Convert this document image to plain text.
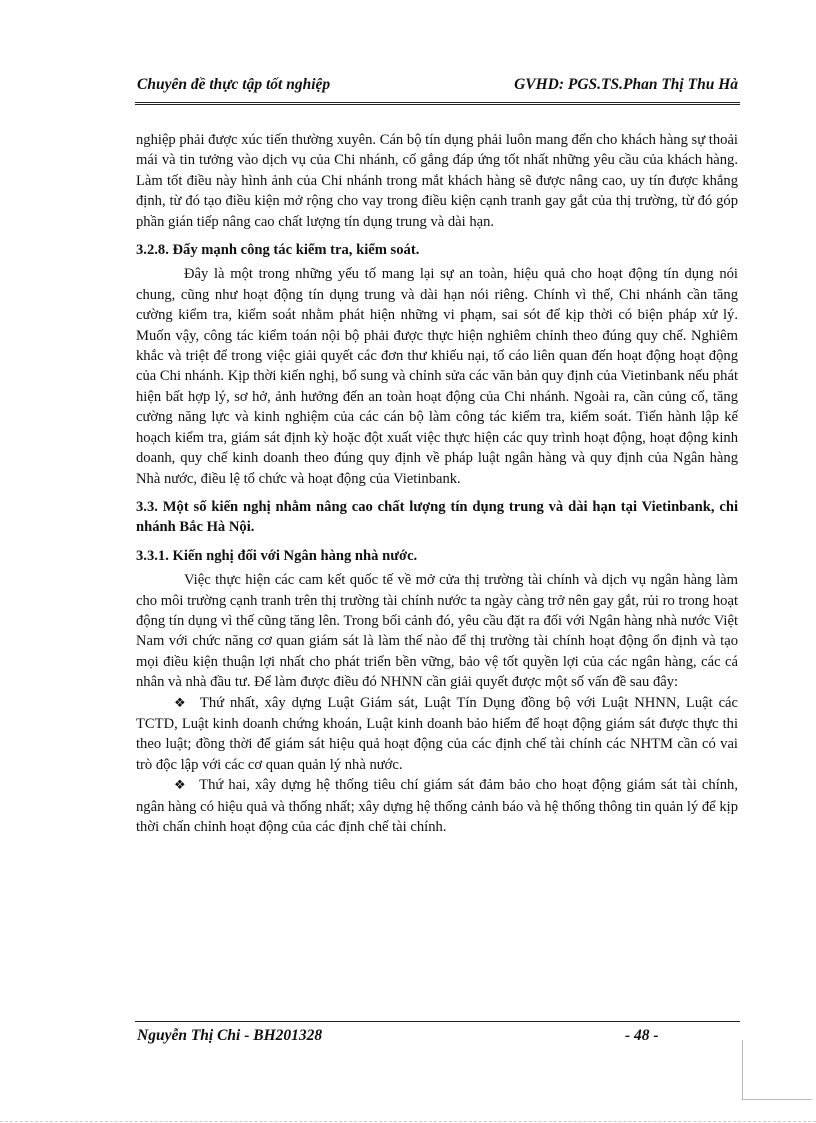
Chuyên đề thực tập tốt nghiệp	GVHD: PGS.TS.Phan Thị Thu Hà

nghiệp phải được xúc tiến thường xuyên. Cán bộ tín dụng phải luôn mang đến cho khách hàng sự thoải mái và tin tưởng vào dịch vụ của Chi nhánh, cố gắng đáp ứng tốt nhất những yêu cầu của khách hàng. Làm tốt điều này hình ảnh của Chi nhánh trong mắt khách hàng sẽ được nâng cao, uy tín được khẳng định, từ đó tạo điều kiện mở rộng cho vay trong điều kiện cạnh tranh gay gắt của thị trường, từ đó góp phần gián tiếp nâng cao chất lượng tín dụng trung và dài hạn.

3.2.8. Đẩy mạnh công tác kiểm tra, kiểm soát.

Đây là một trong những yếu tố mang lại sự an toàn, hiệu quả cho hoạt động tín dụng nói chung, cũng như hoạt động tín dụng trung và dài hạn nói riêng. Chính vì thế, Chi nhánh cần tăng cường kiểm tra, kiểm soát nhằm phát hiện những vi phạm, sai sót để kịp thời có biện pháp xử lý. Muốn vậy, công tác kiểm toán nội bộ phải được thực hiện nghiêm chỉnh theo đúng quy chế. Nghiêm khắc và triệt để trong việc giải quyết các đơn thư khiếu nại, tố cáo liên quan đến hoạt động hoạt động của Chi nhánh. Kịp thời kiến nghị, bổ sung và chỉnh sửa các văn bản quy định của Vietinbank nếu phát hiện bất hợp lý, sơ hở, ảnh hưởng đến an toàn hoạt động của Chi nhánh. Ngoài ra, cần củng cố, tăng cường năng lực và kinh nghiệm của các cán bộ làm công tác kiểm tra, kiểm soát. Tiến hành lập kế hoạch kiểm tra, giám sát định kỳ hoặc đột xuất việc thực hiện các quy trình hoạt động, hoạt động kinh doanh, quy chế kinh doanh theo đúng quy định về pháp luật ngân hàng và quy định của Ngân hàng Nhà nước, điều lệ tổ chức và hoạt động của Vietinbank.

3.3. Một số kiến nghị nhằm nâng cao chất lượng tín dụng trung và dài hạn tại Vietinbank, chi nhánh Bắc Hà Nội.
3.3.1. Kiến nghị đối với Ngân hàng nhà nước.

Việc thực hiện các cam kết quốc tế về mở cửa thị trường tài chính và dịch vụ ngân hàng làm cho môi trường cạnh tranh trên thị trường tài chính nước ta ngày càng trở nên gay gắt, rủi ro trong hoạt động tín dụng vì thế cũng tăng lên. Trong bối cảnh đó, yêu cầu đặt ra đối với Ngân hàng nhà nước Việt Nam với chức năng cơ quan giám sát là làm thế nào để thị trường tài chính hoạt động ổn định và tạo mọi điều kiện thuận lợi nhất cho phát triển bền vững, bảo vệ tốt quyền lợi của các ngân hàng, các cá nhân và nhà đầu tư. Để làm được điều đó NHNN cần giải quyết được một số vấn đề sau đây:

❖ Thứ nhất, xây dựng Luật Giám sát, Luật Tín Dụng đồng bộ với Luật NHNN, Luật các TCTD, Luật kinh doanh chứng khoán, Luật kinh doanh bảo hiểm để hoạt động giám sát được thực thi theo luật; đồng thời để giám sát hiệu quả hoạt động của các định chế tài chính các NHTM cần có vai trò độc lập với các cơ quan quản lý nhà nước.

❖ Thứ hai, xây dựng hệ thống tiêu chí giám sát đảm bảo cho hoạt động giám sát tài chính, ngân hàng có hiệu quả và thống nhất; xây dựng hệ thống cảnh báo và hệ thống thông tin quản lý để kịp thời chấn chỉnh hoạt động của các định chế tài chính.

Nguyễn Thị Chi - BH201328	- 48 -
